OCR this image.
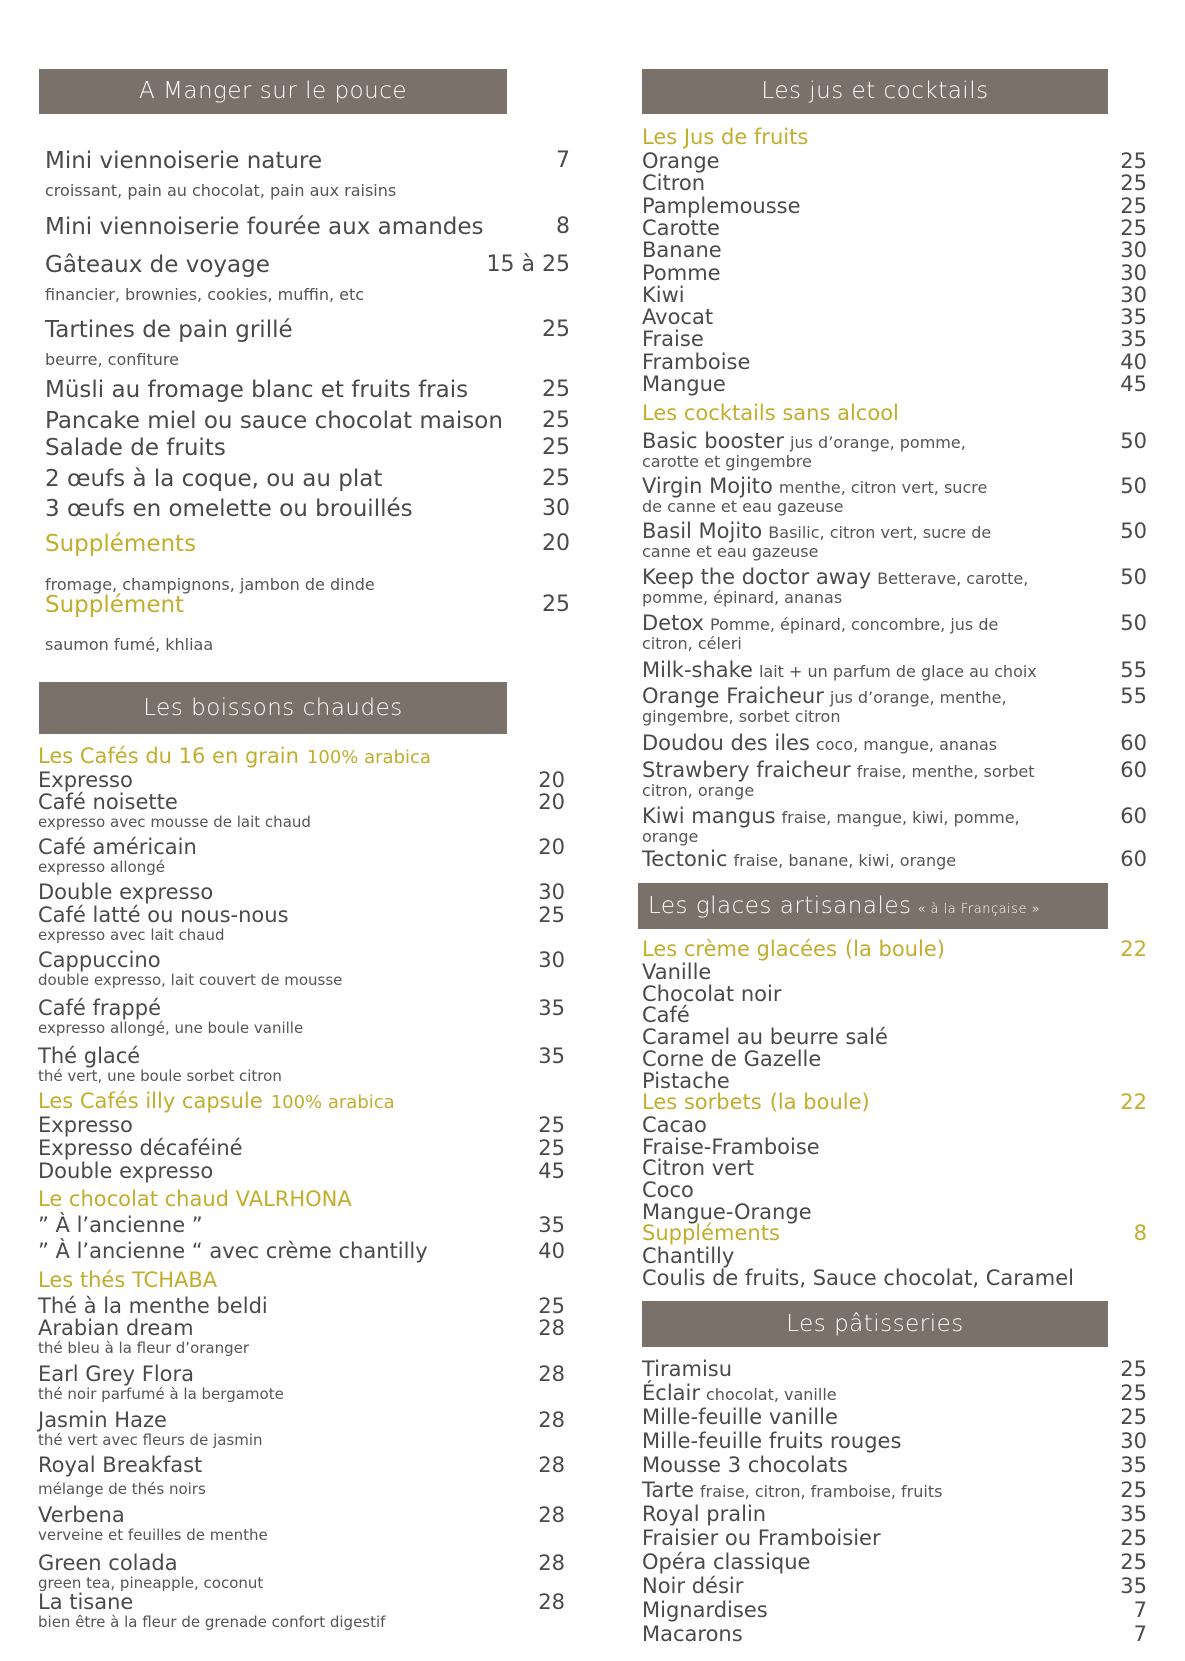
A Manger sur le pouce
Mini viennoiserie nature	7
croissant, pain au chocolat, pain aux raisins
Mini viennoiserie fourée aux amandes	8
Gâteaux de voyage	15 à 25
financier, brownies, cookies, muffin, etc
Tartines de pain grillé	25
beurre, confiture
Müsli au fromage blanc et fruits frais	25
Pancake miel ou sauce chocolat maison 25
Salade de fruits	25
2 œufs à la coque, ou au plat	25
3 œufs en omelette ou brouillés	30
Suppléments	20
fromage, champignons, jambon de dinde
Supplément	25
saumon fumé, khliaa
Les boissons chaudes
Les Cafés du 16 en grain 100% arabica
Expresso	20
Café noisette	20
expresso avec mousse de lait chaud
Café américain	20
expresso allongé
Double expresso	30
Café latté ou nous-nous	25
expresso avec lait chaud
Cappuccino	30
double expresso, lait couvert de mousse
Café frappé	35
expresso allongé, une boule vanille
Thé glacé	35
thé vert, une boule sorbet citron
Les Cafés illy capsule 100% arabica
Expresso	25
Expresso décaféiné	25
Double expresso	45
Le chocolat chaud VALRHONA
” À l’ancienne ”	35
” À l’ancienne “ avec crème chantilly	40
Les thés TCHABA
Thé à la menthe beldi	25
Arabian dream	28
thé bleu à la fleur d’oranger
Earl Grey Flora	28
thé noir parfumé à la bergamote
Jasmin Haze	28
thé vert avec fleurs de jasmin
Royal Breakfast	28
mélange de thés noirs
Verbena	28
verveine et feuilles de menthe
Green colada	28
green tea, pineapple, coconut
La tisane	28
bien être à la fleur de grenade confort digestif
Les jus et cocktails
Les Jus de fruits
Orange	25
Citron	25
Pamplemousse	25
Carotte	25
Banane	30
Pomme	30
Kiwi	30
Avocat	35
Fraise	35
Framboise	40
Mangue	45
Les cocktails sans alcool
Basic booster jus d’orange, pomme,	50
carotte et gingembre
Virgin Mojito menthe, citron vert, sucre	50
de canne et eau gazeuse
Basil Mojito Basilic, citron vert, sucre de	50
canne et eau gazeuse
Keep the doctor away Betterave, carotte,	50
pomme, épinard, ananas
Detox Pomme, épinard, concombre, jus de	50
citron, céleri
Milk-shake lait + un parfum de glace au choix	55
Orange Fraicheur jus d’orange, menthe,	55
gingembre, sorbet citron
Doudou des iles coco, mangue, ananas	60
Strawbery fraicheur fraise, menthe, sorbet	60
citron, orange
Kiwi mangus fraise, mangue, kiwi, pomme,	60
orange
Tectonic fraise, banane, kiwi, orange	60
Les glaces artisanales « à la Française »
Les crème glacées (la boule)	22
Vanille
Chocolat noir
Café
Caramel au beurre salé
Corne de Gazelle
Pistache
Les sorbets (la boule)	22
Cacao
Fraise-Framboise
Citron vert
Coco
Mangue-Orange
Suppléments	8
Chantilly
Coulis de fruits, Sauce chocolat, Caramel
Les pâtisseries
Tiramisu	25
Éclair chocolat, vanille	25
Mille-feuille vanille	25
Mille-feuille fruits rouges	30
Mousse 3 chocolats	35
Tarte fraise, citron, framboise, fruits	25
Royal pralin	35
Fraisier ou Framboisier	25
Opéra classique	25
Noir désir	35
Mignardises	7
Macarons	7
